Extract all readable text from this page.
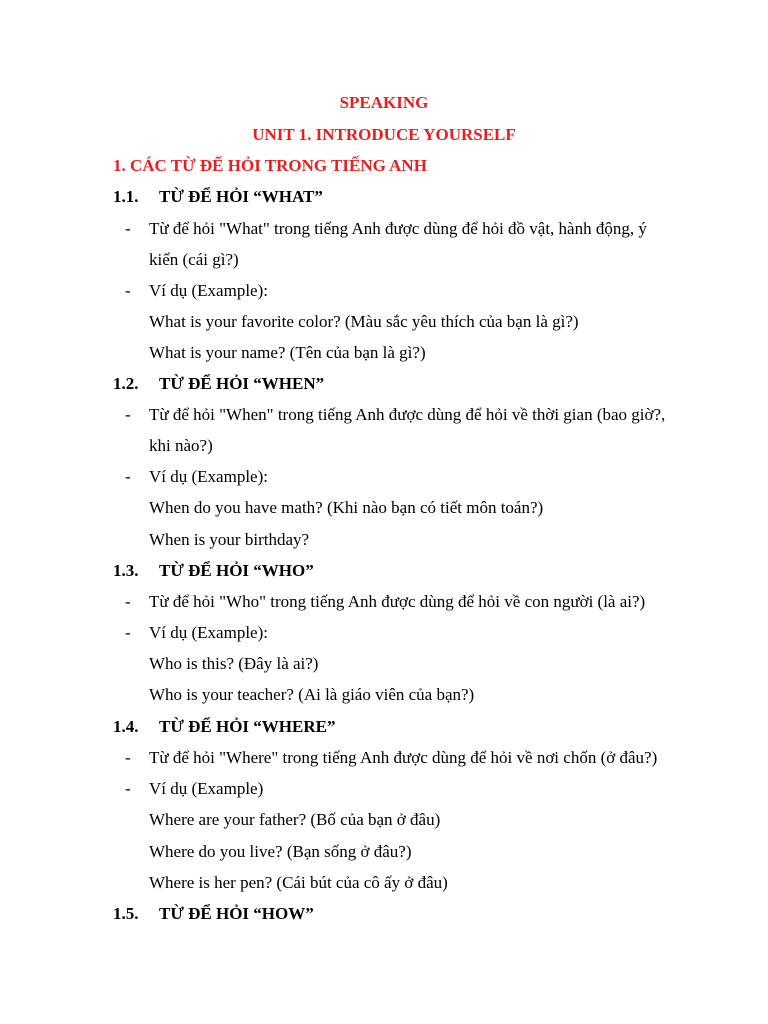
SPEAKING
UNIT 1. INTRODUCE YOURSELF
1. CÁC TỪ ĐỂ HỎI TRONG TIẾNG ANH
1.1. TỪ ĐỂ HỎI “WHAT”
- Từ để hỏi "What" trong tiếng Anh được dùng để hỏi đồ vật, hành động, ý
kiến (cái gì?)
- Ví dụ (Example):
What is your favorite color? (Màu sắc yêu thích của bạn là gì?)
What is your name? (Tên của bạn là gì?)
1.2. TỪ ĐỂ HỎI “WHEN”
- Từ để hỏi "When" trong tiếng Anh được dùng để hỏi về thời gian (bao giờ?,
khi nào?)
- Ví dụ (Example):
When do you have math? (Khi nào bạn có tiết môn toán?)
When is your birthday?
1.3. TỪ ĐỂ HỎI “WHO”
- Từ để hỏi "Who" trong tiếng Anh được dùng để hỏi về con người (là ai?)
- Ví dụ (Example):
Who is this? (Đây là ai?)
Who is your teacher? (Ai là giáo viên của bạn?)
1.4. TỪ ĐỂ HỎI “WHERE”
- Từ để hỏi "Where" trong tiếng Anh được dùng để hỏi về nơi chốn (ở đâu?)
- Ví dụ (Example)
Where are your father? (Bố của bạn ở đâu)
Where do you live? (Bạn sống ở đâu?)
Where is her pen? (Cái bút của cô ấy ở đâu)
1.5. TỪ ĐỂ HỎI “HOW”
